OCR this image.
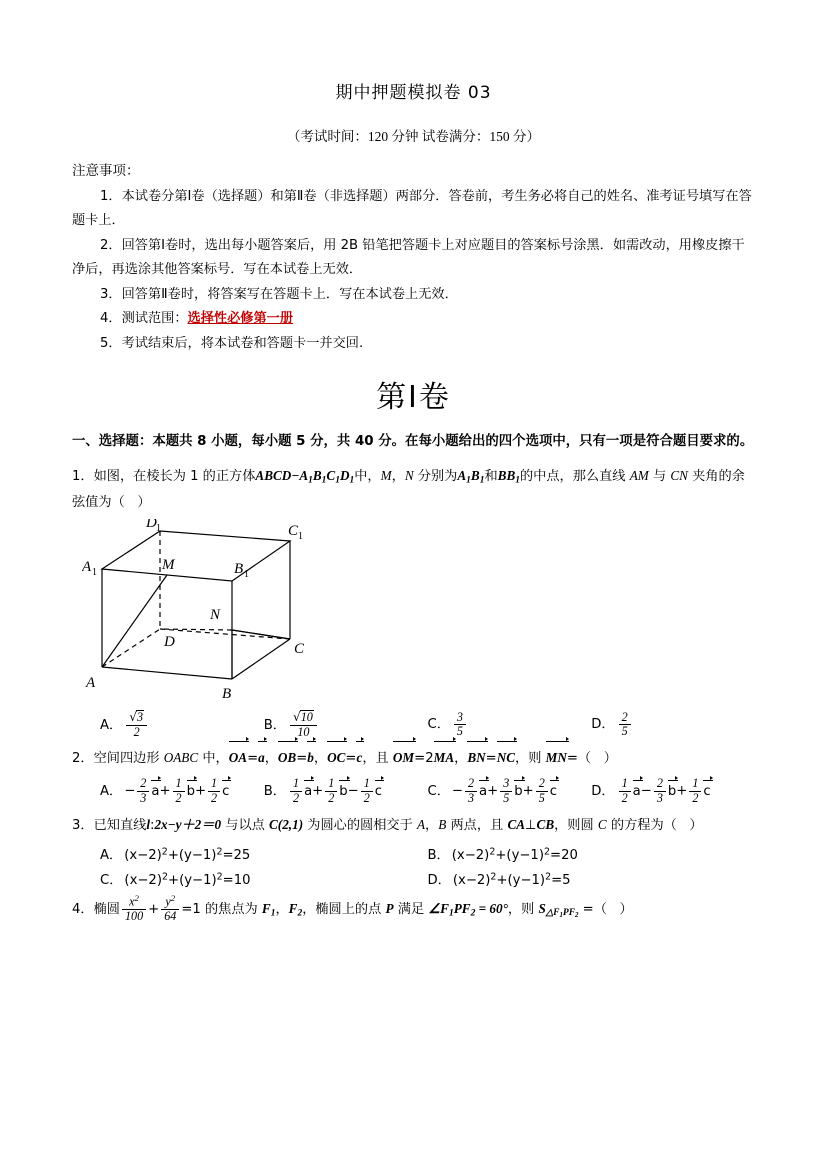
期中押题模拟卷 03
（考试时间：120 分钟 试卷满分：150 分）
注意事项：

1．本试卷分第Ⅰ卷（选择题）和第Ⅱ卷（非选择题）两部分．答卷前，考生务必将自己的姓名、准考证号填写在答题卡上．

2．回答第Ⅰ卷时，选出每小题答案后，用 2B 铅笔把答题卡上对应题目的答案标号涂黑．如需改动，用橡皮擦干净后，再选涂其他答案标号．写在本试卷上无效．

3．回答第Ⅱ卷时，将答案写在答题卡上．写在本试卷上无效．

4．测试范围：选择性必修第一册

5．考试结束后，将本试卷和答题卡一并交回.

第Ⅰ卷
一、选择题：本题共 8 小题，每小题 5 分，共 40 分。在每小题给出的四个选项中，只有一项是符合题目要求的。
1．如图，在棱长为 1 的正方体$ABCD-A_1B_1C_1D_1$中，M，N 分别为$A_1B_1$和$BB_1$的中点，那么直线 AM 与 CN 夹角的余弦值为（   ）
D 1	C 1
A 1	B 1
M
N
D	C
A
B
A． $\frac{√3}{2}$	B． $\frac{√10}{10}$	C． $\frac{3}{5}$	D． $\frac{2}{5}$
2．空间四边形 OABC 中，OA=a，OB=b，OC=c，且 OM=2MA，BN=NC，则 MN=（   ）
A． − $\frac{2}{3} a+ \frac{1}{2} b+ \frac{1}{2}$ c	B． $\frac{1}{2} a+ \frac{1}{2} b- \frac{1}{2}$ c	C． − $\frac{2}{3} a+ \frac{3}{5} b+ \frac{2}{5}$ c	D． $\frac{1}{2} a- \frac{2}{3} b+ \frac{1}{2}$ c
3．已知直线l:2x−y＋2＝0 与以点 C(2,1) 为圆心的圆相交于 A，B 两点，且 CA⊥CB，则圆 C 的方程为（   ）
A． $(x-2)^2+(y-1)^2=25$	B． $(x-2)^2+(y-1)^2=20$
C． $(x-2)^2+(y-1)^2=10$	D． $(x-2)^2+(y-1)^2=5$
4．椭圆 $\frac{x^2}{100} + \frac{y^2}{64} =1$ 的焦点为 $F_1$，$F_2$，椭圆上的点 P 满足 $\angle F_1PF_2 = 60^\circ$，则 $S_{\triangle F_1PF_2}$ =（   ）
